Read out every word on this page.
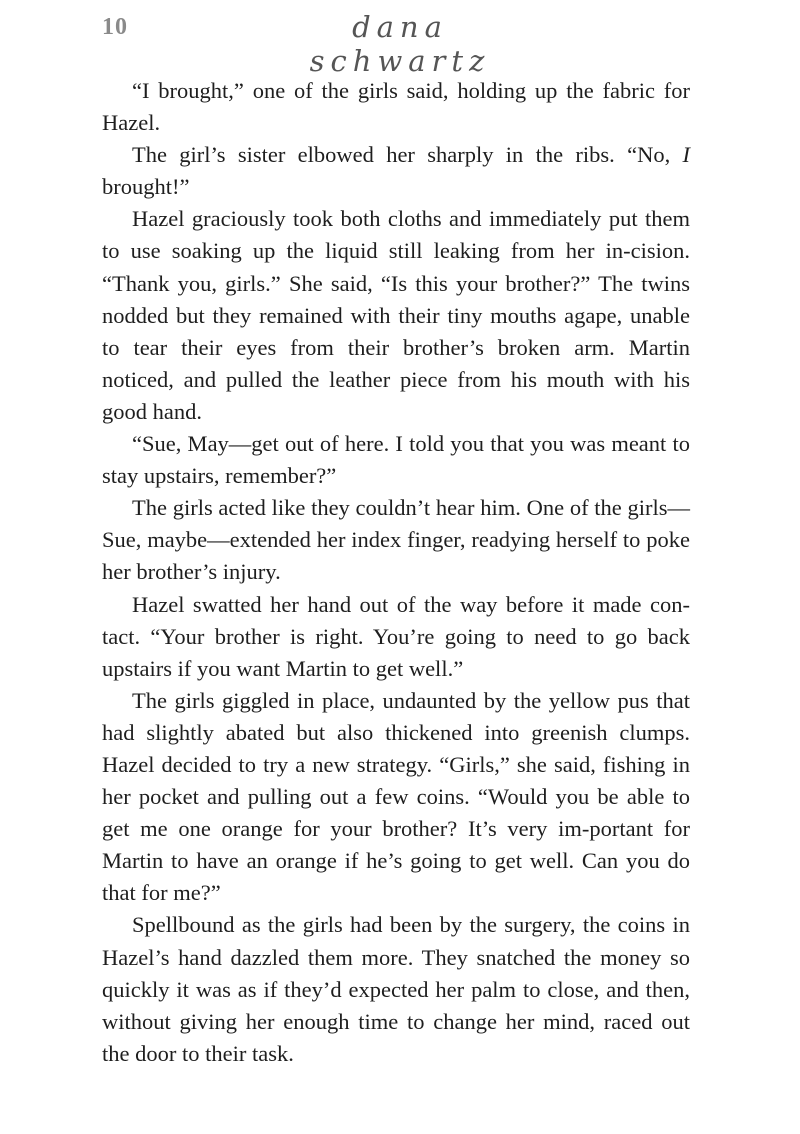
10	dana schwartz

“I brought,” one of the girls said, holding up the fabric for Hazel.

The girl’s sister elbowed her sharply in the ribs. “No, I brought!”

Hazel graciously took both cloths and immediately put them to use soaking up the liquid still leaking from her in-cision. “Thank you, girls.” She said, “Is this your brother?” The twins nodded but they remained with their tiny mouths agape, unable to tear their eyes from their brother’s broken arm. Martin noticed, and pulled the leather piece from his mouth with his good hand.

“Sue, May—get out of here. I told you that you was meant to stay upstairs, remember?”

The girls acted like they couldn’t hear him. One of the girls—Sue, maybe—extended her index finger, readying herself to poke her brother’s injury.

Hazel swatted her hand out of the way before it made con-tact. “Your brother is right. You’re going to need to go back upstairs if you want Martin to get well.”

The girls giggled in place, undaunted by the yellow pus that had slightly abated but also thickened into greenish clumps. Hazel decided to try a new strategy. “Girls,” she said, fishing in her pocket and pulling out a few coins. “Would you be able to get me one orange for your brother? It’s very im-portant for Martin to have an orange if he’s going to get well. Can you do that for me?”

Spellbound as the girls had been by the surgery, the coins in Hazel’s hand dazzled them more. They snatched the money so quickly it was as if they’d expected her palm to close, and then, without giving her enough time to change her mind, raced out the door to their task.
